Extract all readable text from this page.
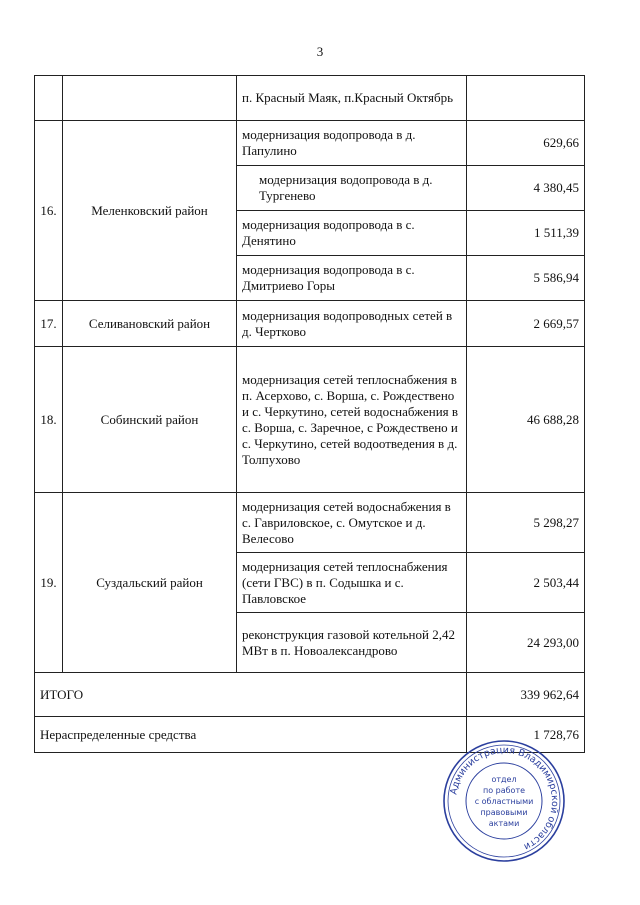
3
		п. Красный Маяк, п.Красный Октябрь	
16.	Меленковский район	модернизация водопровода в д. Папулино	629,66
		модернизация водопровода в д. Тургенево	4 380,45
		модернизация водопровода в с. Денятино	1 511,39
		модернизация водопровода в с. Дмитриево Горы	5 586,94
17.	Селивановский район	модернизация водопроводных сетей в д. Чертково	2 669,57
18.	Собинский район	модернизация сетей теплоснабжения в п. Асерхово, с. Ворша, с. Рождествено и с. Черкутино, сетей водоснабжения в с. Ворша, с. Заречное, с Рождествено и с. Черкутино, сетей водоотведения в д. Толпухово	46 688,28
19.	Суздальский район	модернизация сетей водоснабжения в с. Гавриловское, с. Омутское и д. Велесово	5 298,27
		модернизация сетей теплоснабжения (сети ГВС) в п. Содышка и с. Павловское	2 503,44
		реконструкция газовой котельной 2,42 МВт в п. Новоалександрово	24 293,00
ИТОГО			339 962,64
Нераспределенные средства			1 728,76
Администрация Владимирской области
отдел
по работе
с областными
правовыми
актами
